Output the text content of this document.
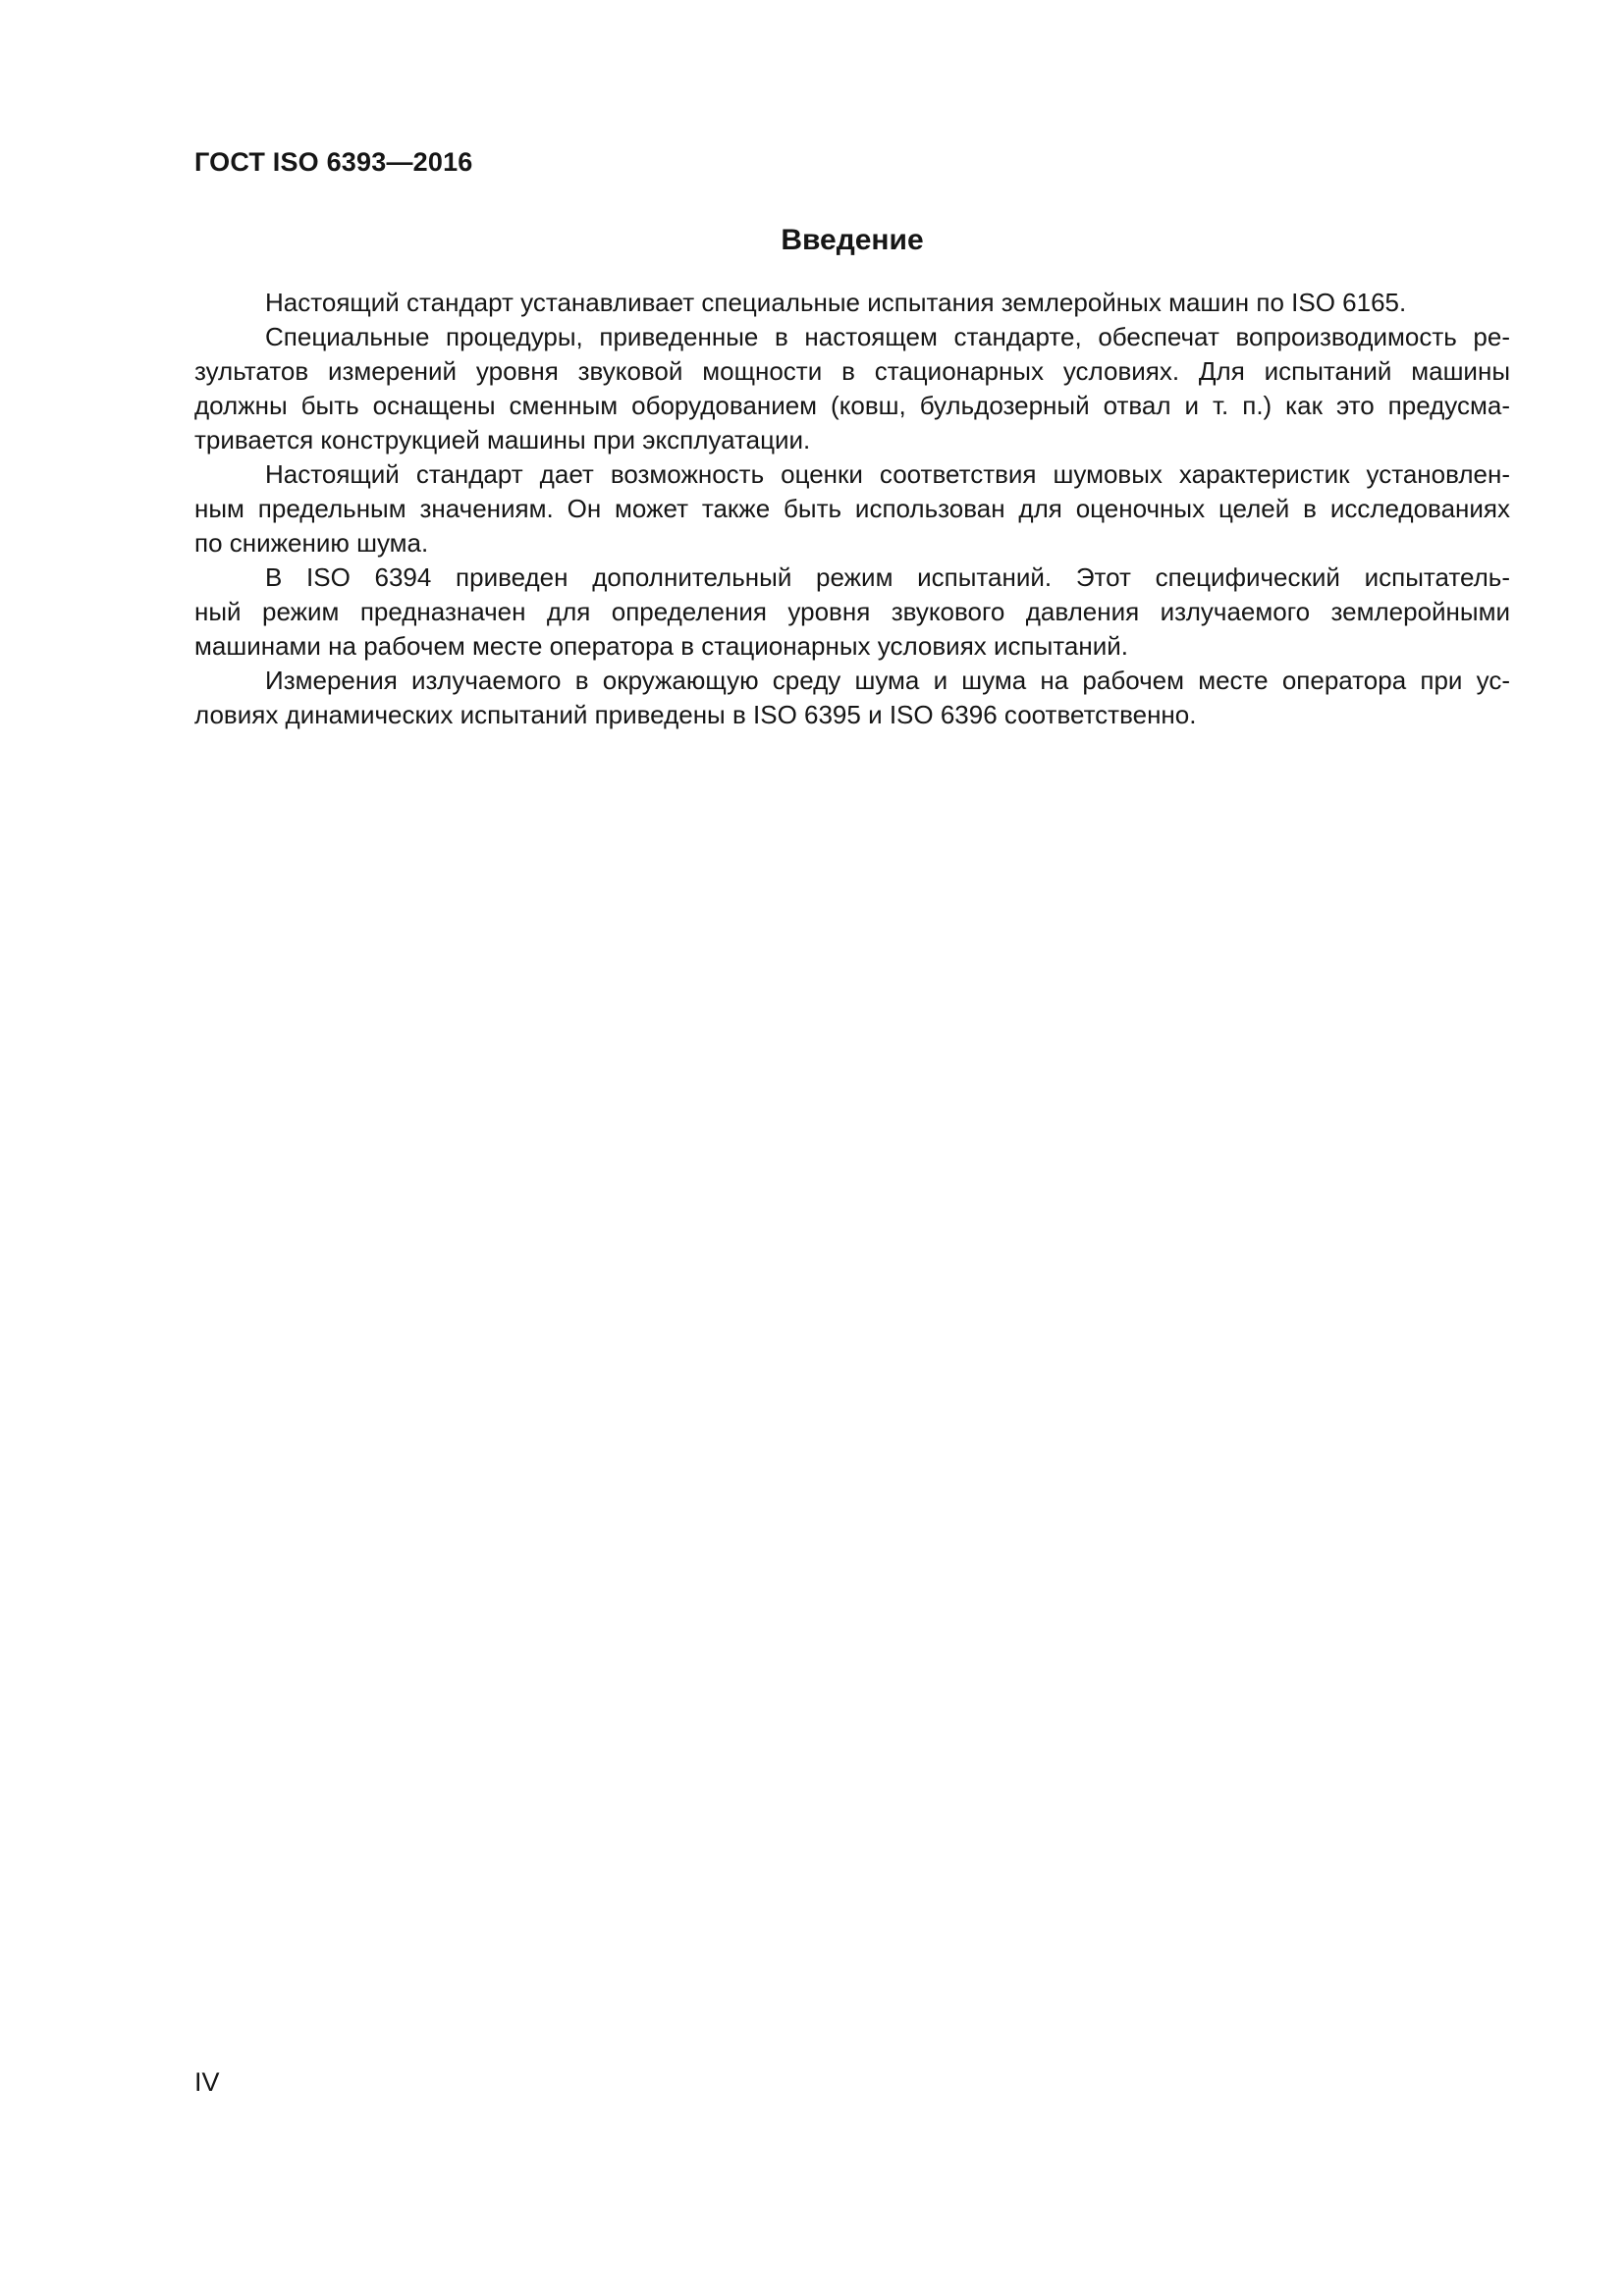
ГОСТ ISO 6393—2016
Введение
Настоящий стандарт устанавливает специальные испытания землеройных машин по ISO 6165.
Специальные процедуры, приведенные в настоящем стандарте, обеспечат вопроизводимость ре-
зультатов измерений уровня звуковой мощности в стационарных условиях. Для испытаний машины
должны быть оснащены сменным оборудованием (ковш, бульдозерный отвал и т. п.) как это предусма-
тривается конструкцией машины при эксплуатации.
Настоящий стандарт дает возможность оценки соответствия шумовых характеристик установлен-
ным предельным значениям. Он может также быть использован для оценочных целей в исследованиях
по снижению шума.
В ISO 6394 приведен дополнительный режим испытаний. Этот специфический испытатель-
ный режим предназначен для определения уровня звукового давления излучаемого землеройными
машинами на рабочем месте оператора в стационарных условиях испытаний.
Измерения излучаемого в окружающую среду шума и шума на рабочем месте оператора при ус-
ловиях динамических испытаний приведены в ISO 6395 и ISO 6396 соответственно.
IV
